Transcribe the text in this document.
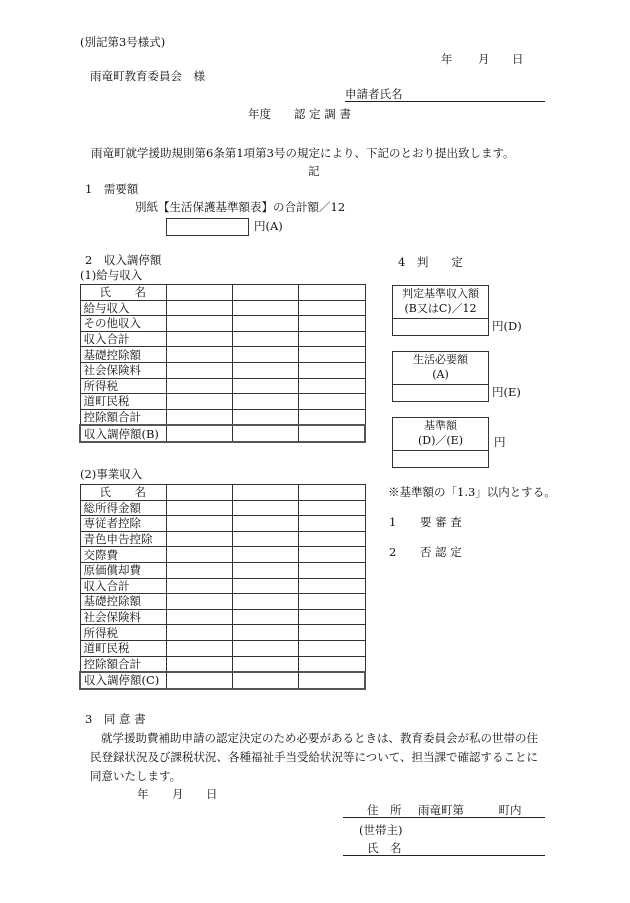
(別記第3号様式)
年 月 日
雨竜町教育委員会　様
申請者氏名
年度　　認 定 調 書
雨竜町就学援助規則第6条第1項第3号の規定により、下記のとおり提出致します。
記
1　需要額
別紙【生活保護基準額表】の合計額／12
円(A)
2　収入調停額
(1)給与収入
氏 名			

給与収入			
その他収入			
収入合計			
基礎控除額			
社会保険料			
所得税			
道町民税			
控除額合計			
収入調停額(B)			
(2)事業収入
氏 名			

総所得金額			
専従者控除			
青色申告控除			
交際費			
原価償却費			
収入合計			
基礎控除額			
社会保険料			
所得税			
道町民税			
控除額合計			
収入調停額(C)			
4　判　　定
判定基準収入額
(B又はC)／12
円(D)
生活必要額
(A)
円(E)
基準額
(D)／(E)	円
※基準額の「1.3」以内とする。
1 要 審 査
2 否 認 定
3　同 意 書
就学援助費補助申請の認定決定のため必要があるときは、教育委員会が私の世帯の住
民登録状況及び課税状況、各種福祉手当受給状況等について、担当課で確認することに
同意いたします。
年 月 日
住　所 雨竜町第　　　町内
(世帯主)
氏　名
